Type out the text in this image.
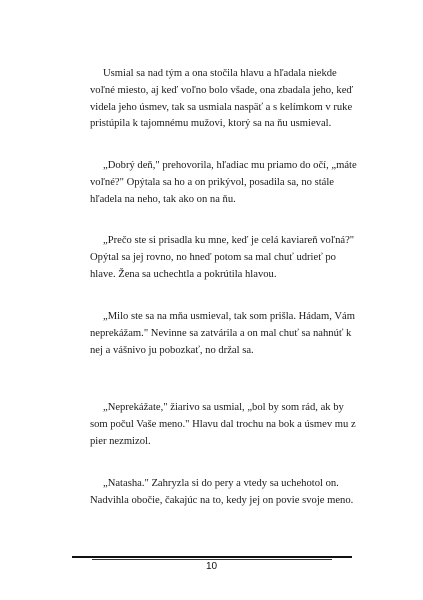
Usmial sa nad tým a ona stočila hlavu a hľadala niekde voľné miesto, aj keď voľno bolo všade, ona zbadala jeho, keď videla jeho úsmev, tak sa usmiala naspäť a s kelímkom v ruke pristúpila k tajomnému mužovi, ktorý sa na ňu usmieval.

„Dobrý deň," prehovorila, hľadiac mu priamo do očí, „máte voľné?" Opýtala sa ho a on prikývol, posadila sa, no stále hľadela na neho, tak ako on na ňu.

„Prečo ste si prisadla ku mne, keď je celá kaviareň voľná?" Opýtal sa jej rovno, no hneď potom sa mal chuť udrieť po hlave. Žena sa uchechtla a pokrútila hlavou.

„Milo ste sa na mňa usmieval, tak som prišla. Hádam, Vám neprekážam." Nevinne sa zatvárila a on mal chuť sa nahnúť k nej a vášnivo ju pobozkať, no držal sa.

„Neprekážate," žiarivo sa usmial, „bol by som rád, ak by som počul Vaše meno." Hlavu dal trochu na bok a úsmev mu z pier nezmizol.

„Natasha." Zahryzla si do pery a vtedy sa uchehotol on. Nadvihla obočie, čakajúc na to, kedy jej on povie svoje meno.

10
